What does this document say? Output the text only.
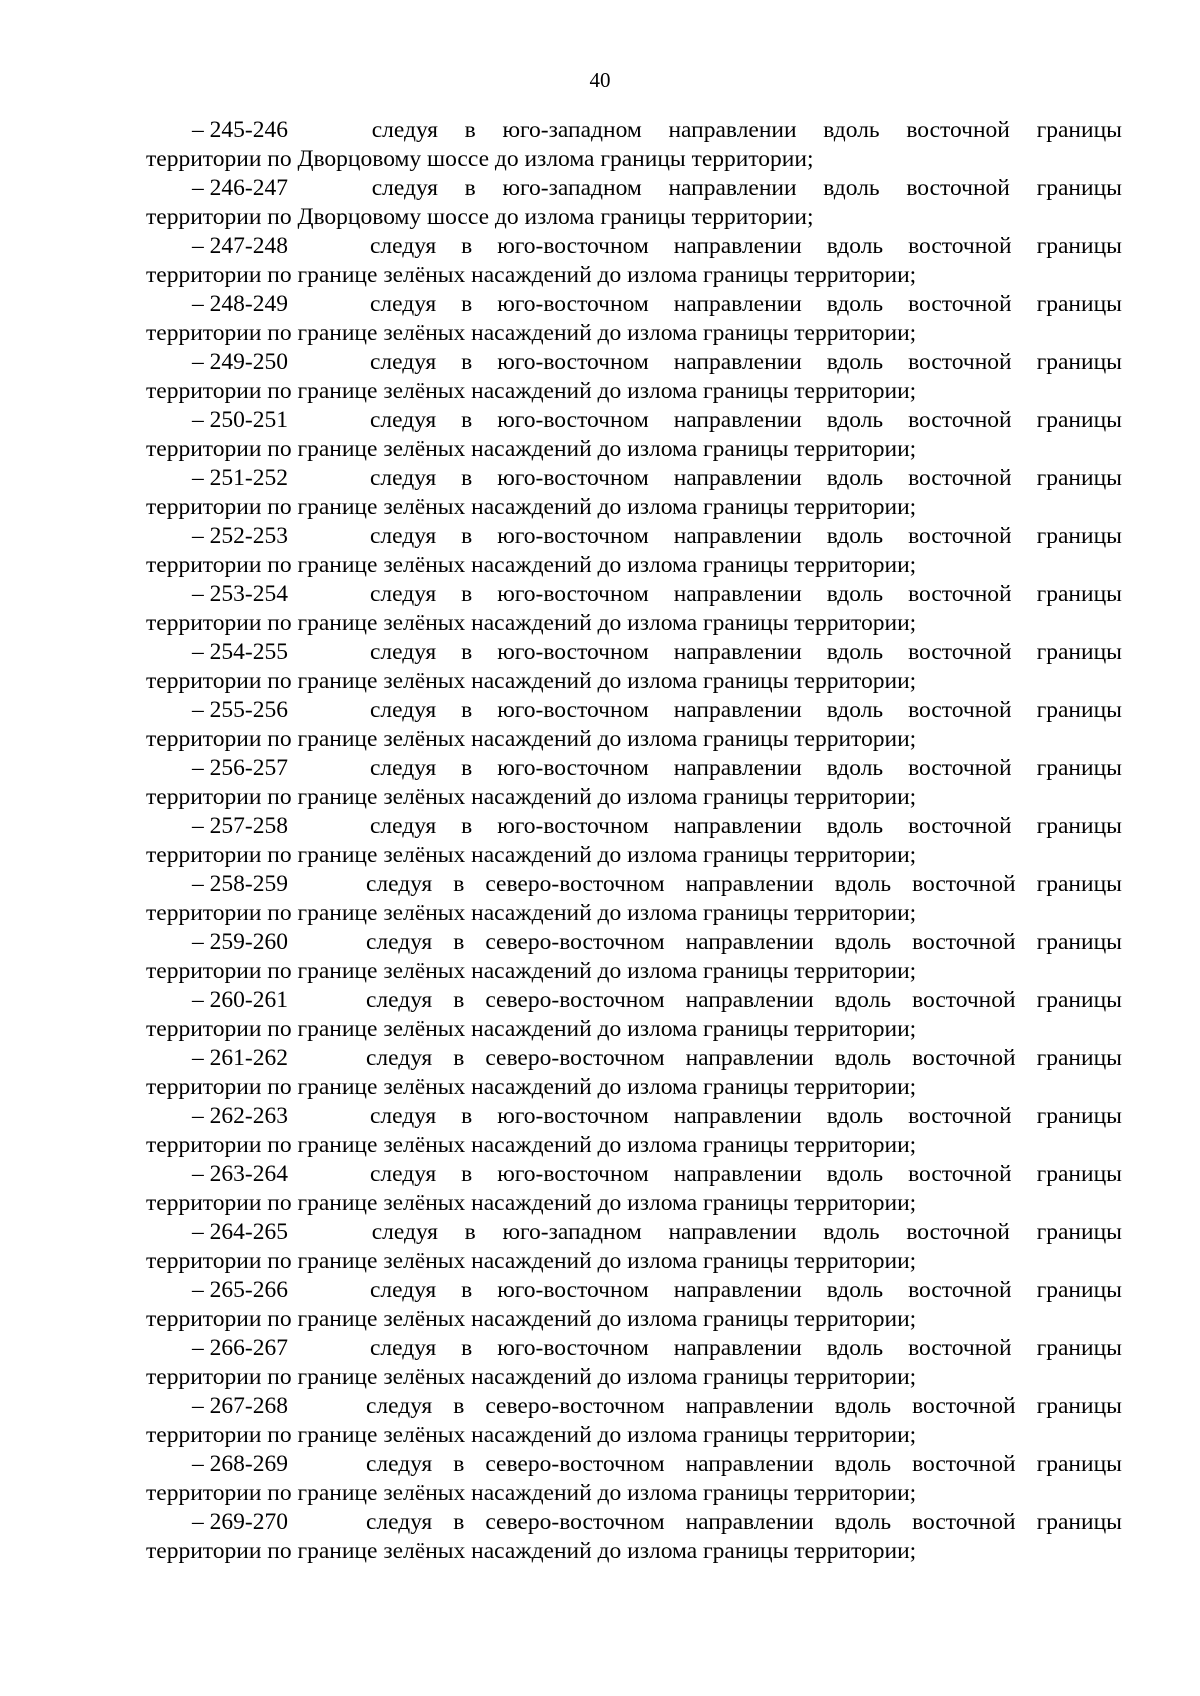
40
– 245-246	следуя в юго-западном направлении вдоль восточной границы
территории по Дворцовому шоссе до излома границы территории;
– 246-247	следуя в юго-западном направлении вдоль восточной границы
территории по Дворцовому шоссе до излома границы территории;
– 247-248	следуя в юго-восточном направлении вдоль восточной границы
территории по границе зелёных насаждений до излома границы территории;
– 248-249	следуя в юго-восточном направлении вдоль восточной границы
территории по границе зелёных насаждений до излома границы территории;
– 249-250	следуя в юго-восточном направлении вдоль восточной границы
территории по границе зелёных насаждений до излома границы территории;
– 250-251	следуя в юго-восточном направлении вдоль восточной границы
территории по границе зелёных насаждений до излома границы территории;
– 251-252	следуя в юго-восточном направлении вдоль восточной границы
территории по границе зелёных насаждений до излома границы территории;
– 252-253	следуя в юго-восточном направлении вдоль восточной границы
территории по границе зелёных насаждений до излома границы территории;
– 253-254	следуя в юго-восточном направлении вдоль восточной границы
территории по границе зелёных насаждений до излома границы территории;
– 254-255	следуя в юго-восточном направлении вдоль восточной границы
территории по границе зелёных насаждений до излома границы территории;
– 255-256	следуя в юго-восточном направлении вдоль восточной границы
территории по границе зелёных насаждений до излома границы территории;
– 256-257	следуя в юго-восточном направлении вдоль восточной границы
территории по границе зелёных насаждений до излома границы территории;
– 257-258	следуя в юго-восточном направлении вдоль восточной границы
территории по границе зелёных насаждений до излома границы территории;
– 258-259	следуя в северо-восточном направлении вдоль восточной границы
территории по границе зелёных насаждений до излома границы территории;
– 259-260	следуя в северо-восточном направлении вдоль восточной границы
территории по границе зелёных насаждений до излома границы территории;
– 260-261	следуя в северо-восточном направлении вдоль восточной границы
территории по границе зелёных насаждений до излома границы территории;
– 261-262	следуя в северо-восточном направлении вдоль восточной границы
территории по границе зелёных насаждений до излома границы территории;
– 262-263	следуя в юго-восточном направлении вдоль восточной границы
территории по границе зелёных насаждений до излома границы территории;
– 263-264	следуя в юго-восточном направлении вдоль восточной границы
территории по границе зелёных насаждений до излома границы территории;
– 264-265	следуя в юго-западном направлении вдоль восточной границы
территории по границе зелёных насаждений до излома границы территории;
– 265-266	следуя в юго-восточном направлении вдоль восточной границы
территории по границе зелёных насаждений до излома границы территории;
– 266-267	следуя в юго-восточном направлении вдоль восточной границы
территории по границе зелёных насаждений до излома границы территории;
– 267-268	следуя в северо-восточном направлении вдоль восточной границы
территории по границе зелёных насаждений до излома границы территории;
– 268-269	следуя в северо-восточном направлении вдоль восточной границы
территории по границе зелёных насаждений до излома границы территории;
– 269-270	следуя в северо-восточном направлении вдоль восточной границы
территории по границе зелёных насаждений до излома границы территории;
